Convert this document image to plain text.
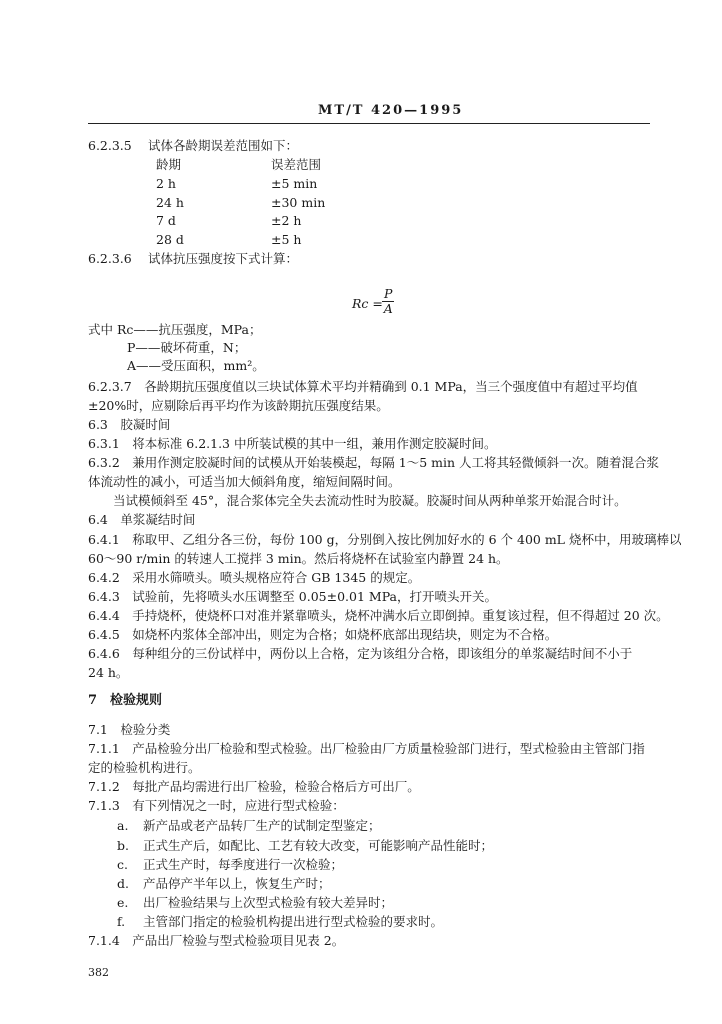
MT/T 420—1995
6.2.3.5 试体各龄期误差范围如下：
龄期	误差范围
2 h	±5 min
24 h	±30 min
7 d	±2 h
28 d	±5 h
6.2.3.6 试体抗压强度按下式计算：
$Rc = \frac{P}{A}$
式中 Rc——抗压强度，MPa；
P——破坏荷重，N；
A——受压面积，mm²。
6.2.3.7　各龄期抗压强度值以三块试体算术平均并精确到 0.1 MPa，当三个强度值中有超过平均值
±20%时，应剔除后再平均作为该龄期抗压强度结果。
6.3　胶凝时间
6.3.1　将本标准 6.2.1.3 中所装试模的其中一组，兼用作测定胶凝时间。
6.3.2　兼用作测定胶凝时间的试模从开始装模起，每隔 1～5 min 人工将其轻微倾斜一次。随着混合浆
体流动性的减小，可适当加大倾斜角度，缩短间隔时间。
当试模倾斜至 45°，混合浆体完全失去流动性时为胶凝。胶凝时间从两种单浆开始混合时计。
6.4　单浆凝结时间
6.4.1　称取甲、乙组分各三份，每份 100 g，分别倒入按比例加好水的 6 个 400 mL 烧杯中，用玻璃棒以
60～90 r/min 的转速人工搅拌 3 min。然后将烧杯在试验室内静置 24 h。
6.4.2　采用水筛喷头。喷头规格应符合 GB 1345 的规定。
6.4.3　试验前，先将喷头水压调整至 0.05±0.01 MPa，打开喷头开关。
6.4.4　手持烧杯，使烧杯口对准并紧靠喷头，烧杯冲满水后立即倒掉。重复该过程，但不得超过 20 次。
6.4.5　如烧杯内浆体全部冲出，则定为合格；如烧杯底部出现结块，则定为不合格。
6.4.6　每种组分的三份试样中，两份以上合格，定为该组分合格，即该组分的单浆凝结时间不小于
24 h。
7　检验规则
7.1　检验分类
7.1.1　产品检验分出厂检验和型式检验。出厂检验由厂方质量检验部门进行，型式检验由主管部门指
定的检验机构进行。
7.1.2　每批产品均需进行出厂检验，检验合格后方可出厂。
7.1.3　有下列情况之一时，应进行型式检验：
a. 新产品或老产品转厂生产的试制定型鉴定；
b. 正式生产后，如配比、工艺有较大改变，可能影响产品性能时；
c. 正式生产时，每季度进行一次检验；
d. 产品停产半年以上，恢复生产时；
e. 出厂检验结果与上次型式检验有较大差异时；
f. 主管部门指定的检验机构提出进行型式检验的要求时。
7.1.4　产品出厂检验与型式检验项目见表 2。
382
